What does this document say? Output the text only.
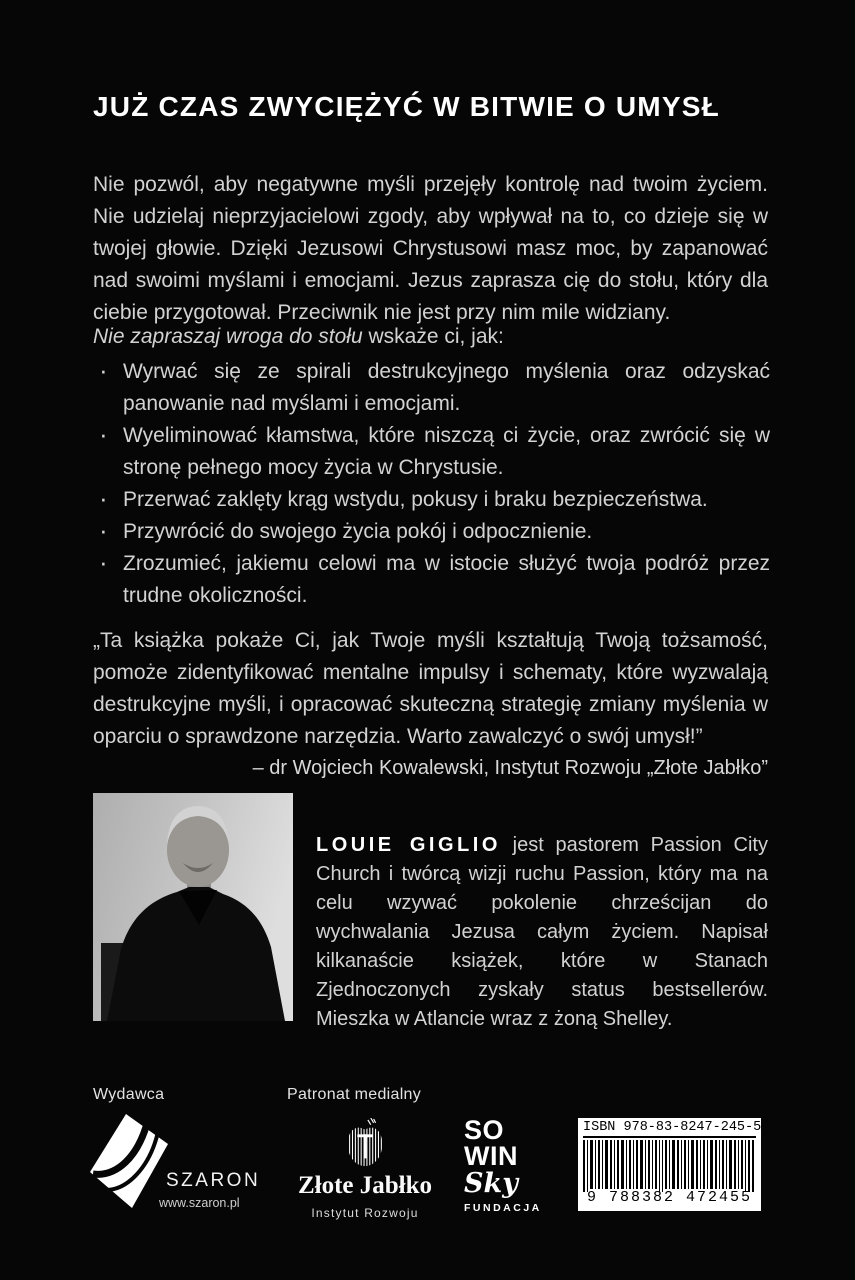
JUŻ CZAS ZWYCIĘŻYĆ W BITWIE O UMYSŁ

Nie pozwól, aby negatywne myśli przejęły kontrolę nad twoim życiem. Nie udzielaj nieprzyjacielowi zgody, aby wpływał na to, co dzieje się w twojej głowie. Dzięki Jezusowi Chrystusowi masz moc, by zapanować nad swoimi myślami i emocjami. Jezus zaprasza cię do stołu, który dla ciebie przygotował. Przeciwnik nie jest przy nim mile widziany.

Nie zapraszaj wroga do stołu wskaże ci, jak:

· Wyrwać się ze spirali destrukcyjnego myślenia oraz odzyskać panowanie nad myślami i emocjami.
· Wyeliminować kłamstwa, które niszczą ci życie, oraz zwrócić się w stronę pełnego mocy życia w Chrystusie.
· Przerwać zaklęty krąg wstydu, pokusy i braku bezpieczeństwa.
· Przywrócić do swojego życia pokój i odpocznienie.
· Zrozumieć, jakiemu celowi ma w istocie służyć twoja podróż przez trudne okoliczności.

„Ta książka pokaże Ci, jak Twoje myśli kształtują Twoją tożsamość, pomoże zidentyfikować mentalne impulsy i schematy, które wyzwalają destrukcyjne myśli, i opracować skuteczną strategię zmiany myślenia w oparciu o sprawdzone narzędzia. Warto zawalczyć o swój umysł!”

– dr Wojciech Kowalewski, Instytut Rozwoju „Złote Jabłko”

LOUIE GIGLIO jest pastorem Passion City Church i twórcą wizji ruchu Passion, który ma na celu wzywać pokolenie chrześcijan do wychwalania Jezusa całym życiem. Napisał kilkanaście książek, które w Stanach Zjednoczonych zyskały status bestsellerów. Mieszka w Atlancie wraz z żoną Shelley.

Wydawca	Patronat medialny
SZARON
www.szaron.pl
Złote Jabłko
Instytut Rozwoju
SO
WIN
Sky
FUNDACJA
ISBN 978-83-8247-245-5
9 788382 472455
